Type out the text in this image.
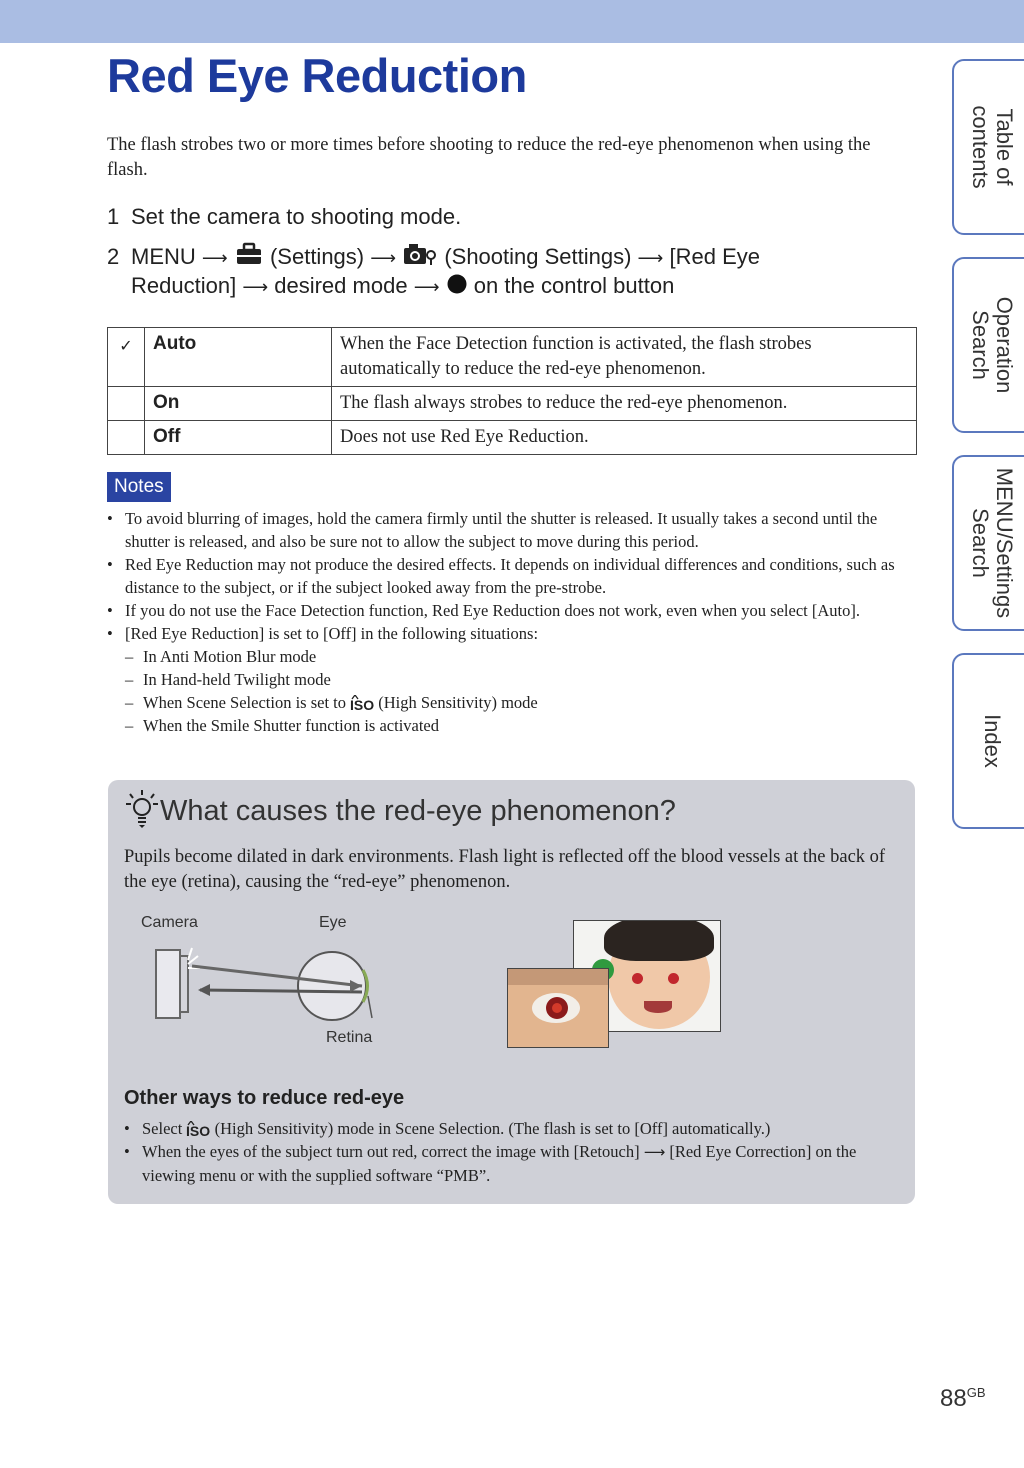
Red Eye Reduction

The flash strobes two or more times before shooting to reduce the red-eye phenomenon when using the flash.

1 Set the camera to shooting mode.
2 MENU ⟶ (Settings) ⟶ (Shooting Settings) ⟶ [Red Eye
Reduction] ⟶ desired mode ⟶ on the control button
✓	Auto	When the Face Detection function is activated, the flash strobes automatically to reduce the red-eye phenomenon.
	On	The flash always strobes to reduce the red-eye phenomenon.
	Off	Does not use Red Eye Reduction.
Notes
• To avoid blurring of images, hold the camera firmly until the shutter is released. It usually takes a second until the shutter is released, and also be sure not to allow the subject to move during this period.
• Red Eye Reduction may not produce the desired effects. It depends on individual differences and conditions, such as distance to the subject, or if the subject looked away from the pre-strobe.
• If you do not use the Face Detection function, Red Eye Reduction does not work, even when you select [Auto].
• [Red Eye Reduction] is set to [Off] in the following situations:
– In Anti Motion Blur mode
– In Hand-held Twilight mode
– When Scene Selection is set to ISO (High Sensitivity) mode
– When the Smile Shutter function is activated
What causes the red-eye phenomenon?

Pupils become dilated in dark environments. Flash light is reflected off the blood vessels at the back of the eye (retina), causing the “red-eye” phenomenon.

Camera	Eye
Retina
Other ways to reduce red-eye
• Select ISO (High Sensitivity) mode in Scene Selection. (The flash is set to [Off] automatically.)
• When the eyes of the subject turn out red, correct the image with [Retouch] ⟶ [Red Eye Correction] on the viewing menu or with the supplied software “PMB”.
Table of
contents
Operation
Search
MENU/Settings
Search
Index
$88^{GB}$
